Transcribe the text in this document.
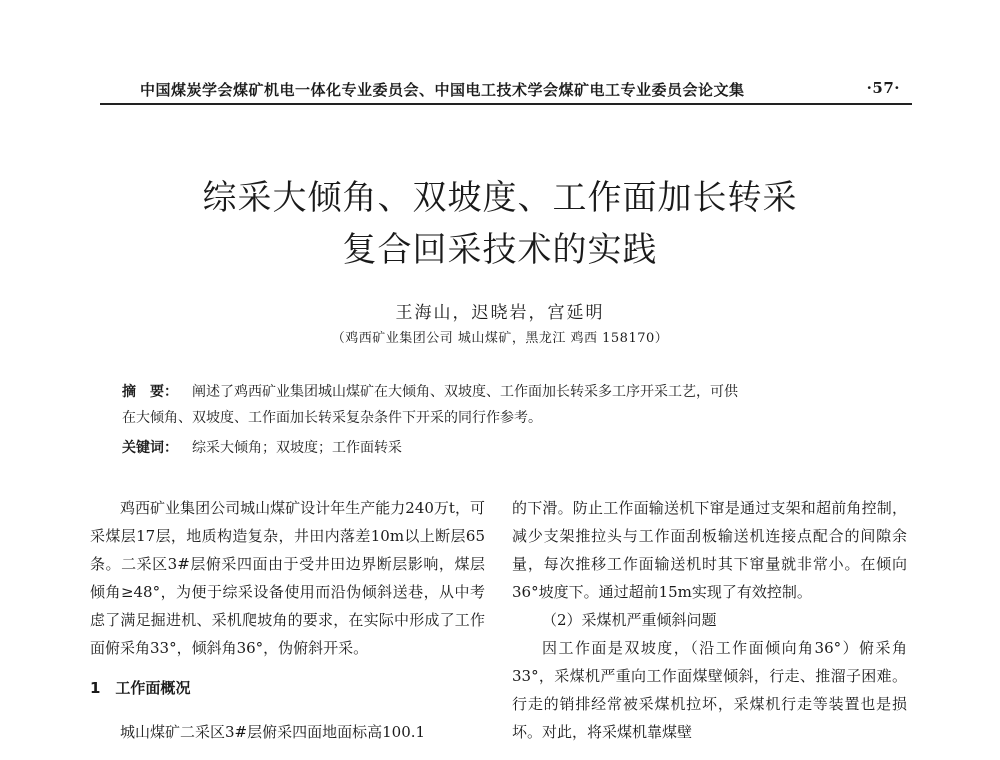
中国煤炭学会煤矿机电一体化专业委员会、中国电工技术学会煤矿电工专业委员会论文集	·57·
综采大倾角、双坡度、工作面加长转采
复合回采技术的实践
王海山，迟晓岩，宫延明
（鸡西矿业集团公司 城山煤矿，黑龙江 鸡西 158170）
摘　要： 阐述了鸡西矿业集团城山煤矿在大倾角、双坡度、工作面加长转采多工序开采工艺，可供
在大倾角、双坡度、工作面加长转采复杂条件下开采的同行作参考。
关键词： 综采大倾角；双坡度；工作面转采

鸡西矿业集团公司城山煤矿设计年生产能力240万t，可采煤层17层，地质构造复杂，井田内落差10m以上断层65条。二采区3#层俯采四面由于受井田边界断层影响，煤层倾角≥48°，为便于综采设备使用而沿伪倾斜送巷，从中考虑了满足掘进机、采机爬坡角的要求，在实际中形成了工作面俯采角33°，倾斜角36°，伪俯斜开采。

1　工作面概况

城山煤矿二采区3#层俯采四面地面标高100.1

的下滑。防止工作面输送机下窜是通过支架和超前角控制，减少支架推拉头与工作面刮板输送机连接点配合的间隙余量，每次推移工作面输送机时其下窜量就非常小。在倾向36°坡度下。通过超前15m实现了有效控制。

（2）采煤机严重倾斜问题

因工作面是双坡度，（沿工作面倾向角36°）俯采角33°，采煤机严重向工作面煤壁倾斜，行走、推溜子困难。行走的销排经常被采煤机拉坏，采煤机行走等装置也是损坏。对此，将采煤机靠煤壁
